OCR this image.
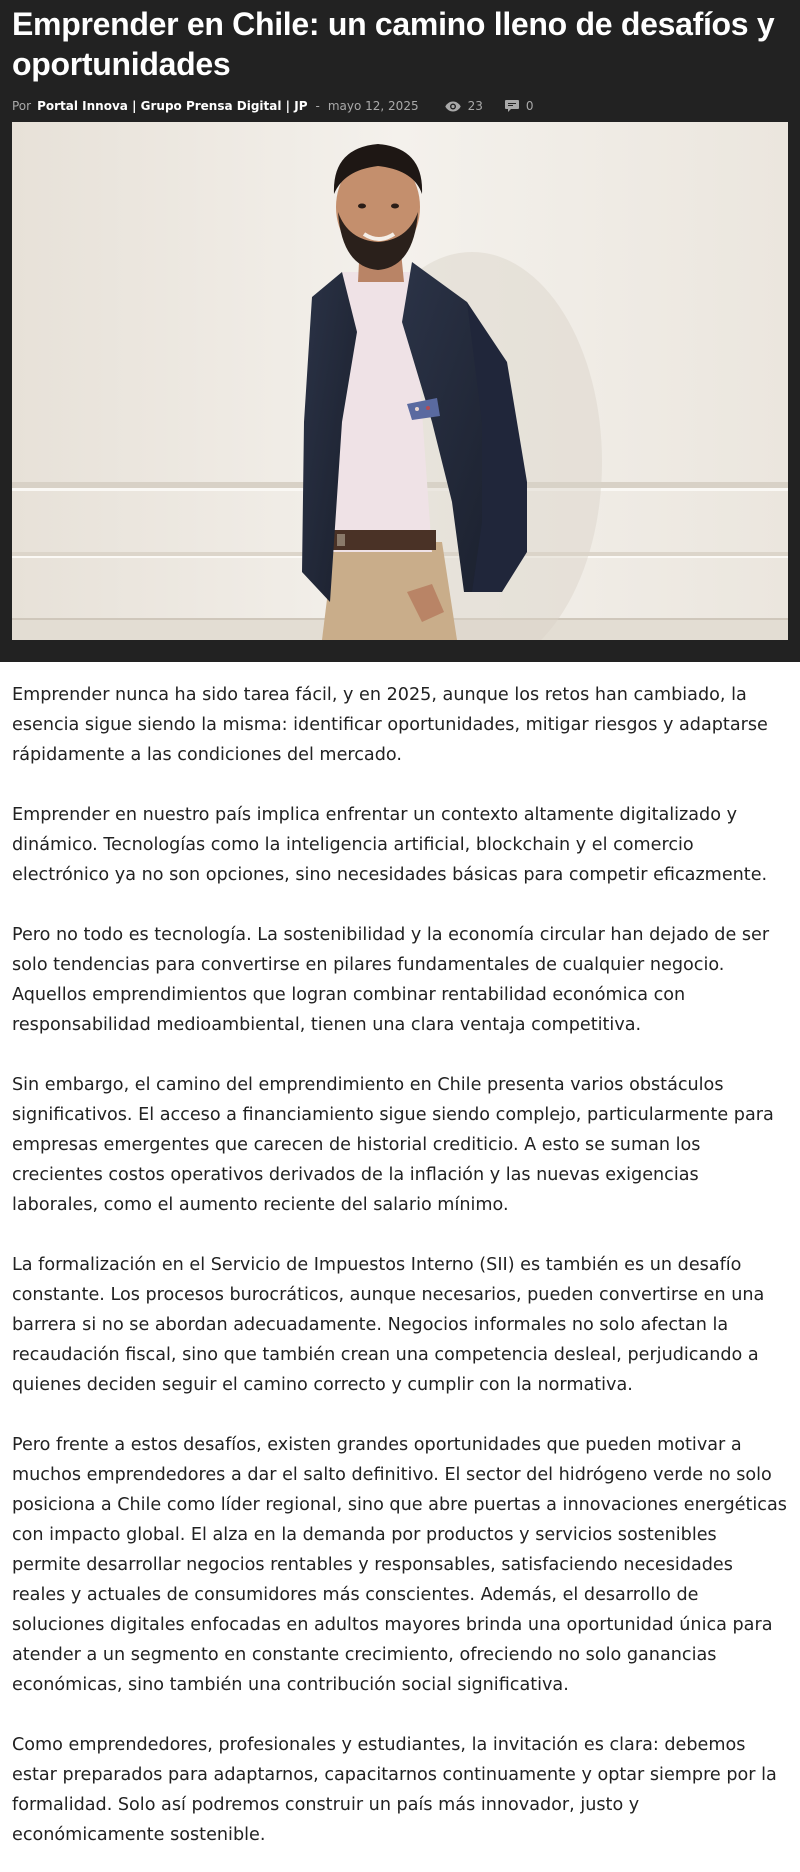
Emprender en Chile: un camino lleno de desafíos y oportunidades
Por Portal Innova | Grupo Prensa Digital | JP - mayo 12, 2025	23	0

Emprender nunca ha sido tarea fácil, y en 2025, aunque los retos han cambiado, la esencia sigue siendo la misma: identificar oportunidades, mitigar riesgos y adaptarse rápidamente a las condiciones del mercado.

Emprender en nuestro país implica enfrentar un contexto altamente digitalizado y dinámico. Tecnologías como la inteligencia artificial, blockchain y el comercio electrónico ya no son opciones, sino necesidades básicas para competir eficazmente.

Pero no todo es tecnología. La sostenibilidad y la economía circular han dejado de ser solo tendencias para convertirse en pilares fundamentales de cualquier negocio. Aquellos emprendimientos que logran combinar rentabilidad económica con responsabilidad medioambiental, tienen una clara ventaja competitiva.

Sin embargo, el camino del emprendimiento en Chile presenta varios obstáculos significativos. El acceso a financiamiento sigue siendo complejo, particularmente para empresas emergentes que carecen de historial crediticio. A esto se suman los crecientes costos operativos derivados de la inflación y las nuevas exigencias laborales, como el aumento reciente del salario mínimo.

La formalización en el Servicio de Impuestos Interno (SII) es también es un desafío constante. Los procesos burocráticos, aunque necesarios, pueden convertirse en una barrera si no se abordan adecuadamente. Negocios informales no solo afectan la recaudación fiscal, sino que también crean una competencia desleal, perjudicando a quienes deciden seguir el camino correcto y cumplir con la normativa.

Pero frente a estos desafíos, existen grandes oportunidades que pueden motivar a muchos emprendedores a dar el salto definitivo. El sector del hidrógeno verde no solo posiciona a Chile como líder regional, sino que abre puertas a innovaciones energéticas con impacto global. El alza en la demanda por productos y servicios sostenibles permite desarrollar negocios rentables y responsables, satisfaciendo necesidades reales y actuales de consumidores más conscientes. Además, el desarrollo de soluciones digitales enfocadas en adultos mayores brinda una oportunidad única para atender a un segmento en constante crecimiento, ofreciendo no solo ganancias económicas, sino también una contribución social significativa.

Como emprendedores, profesionales y estudiantes, la invitación es clara: debemos estar preparados para adaptarnos, capacitarnos continuamente y optar siempre por la formalidad. Solo así podremos construir un país más innovador, justo y económicamente sostenible.
